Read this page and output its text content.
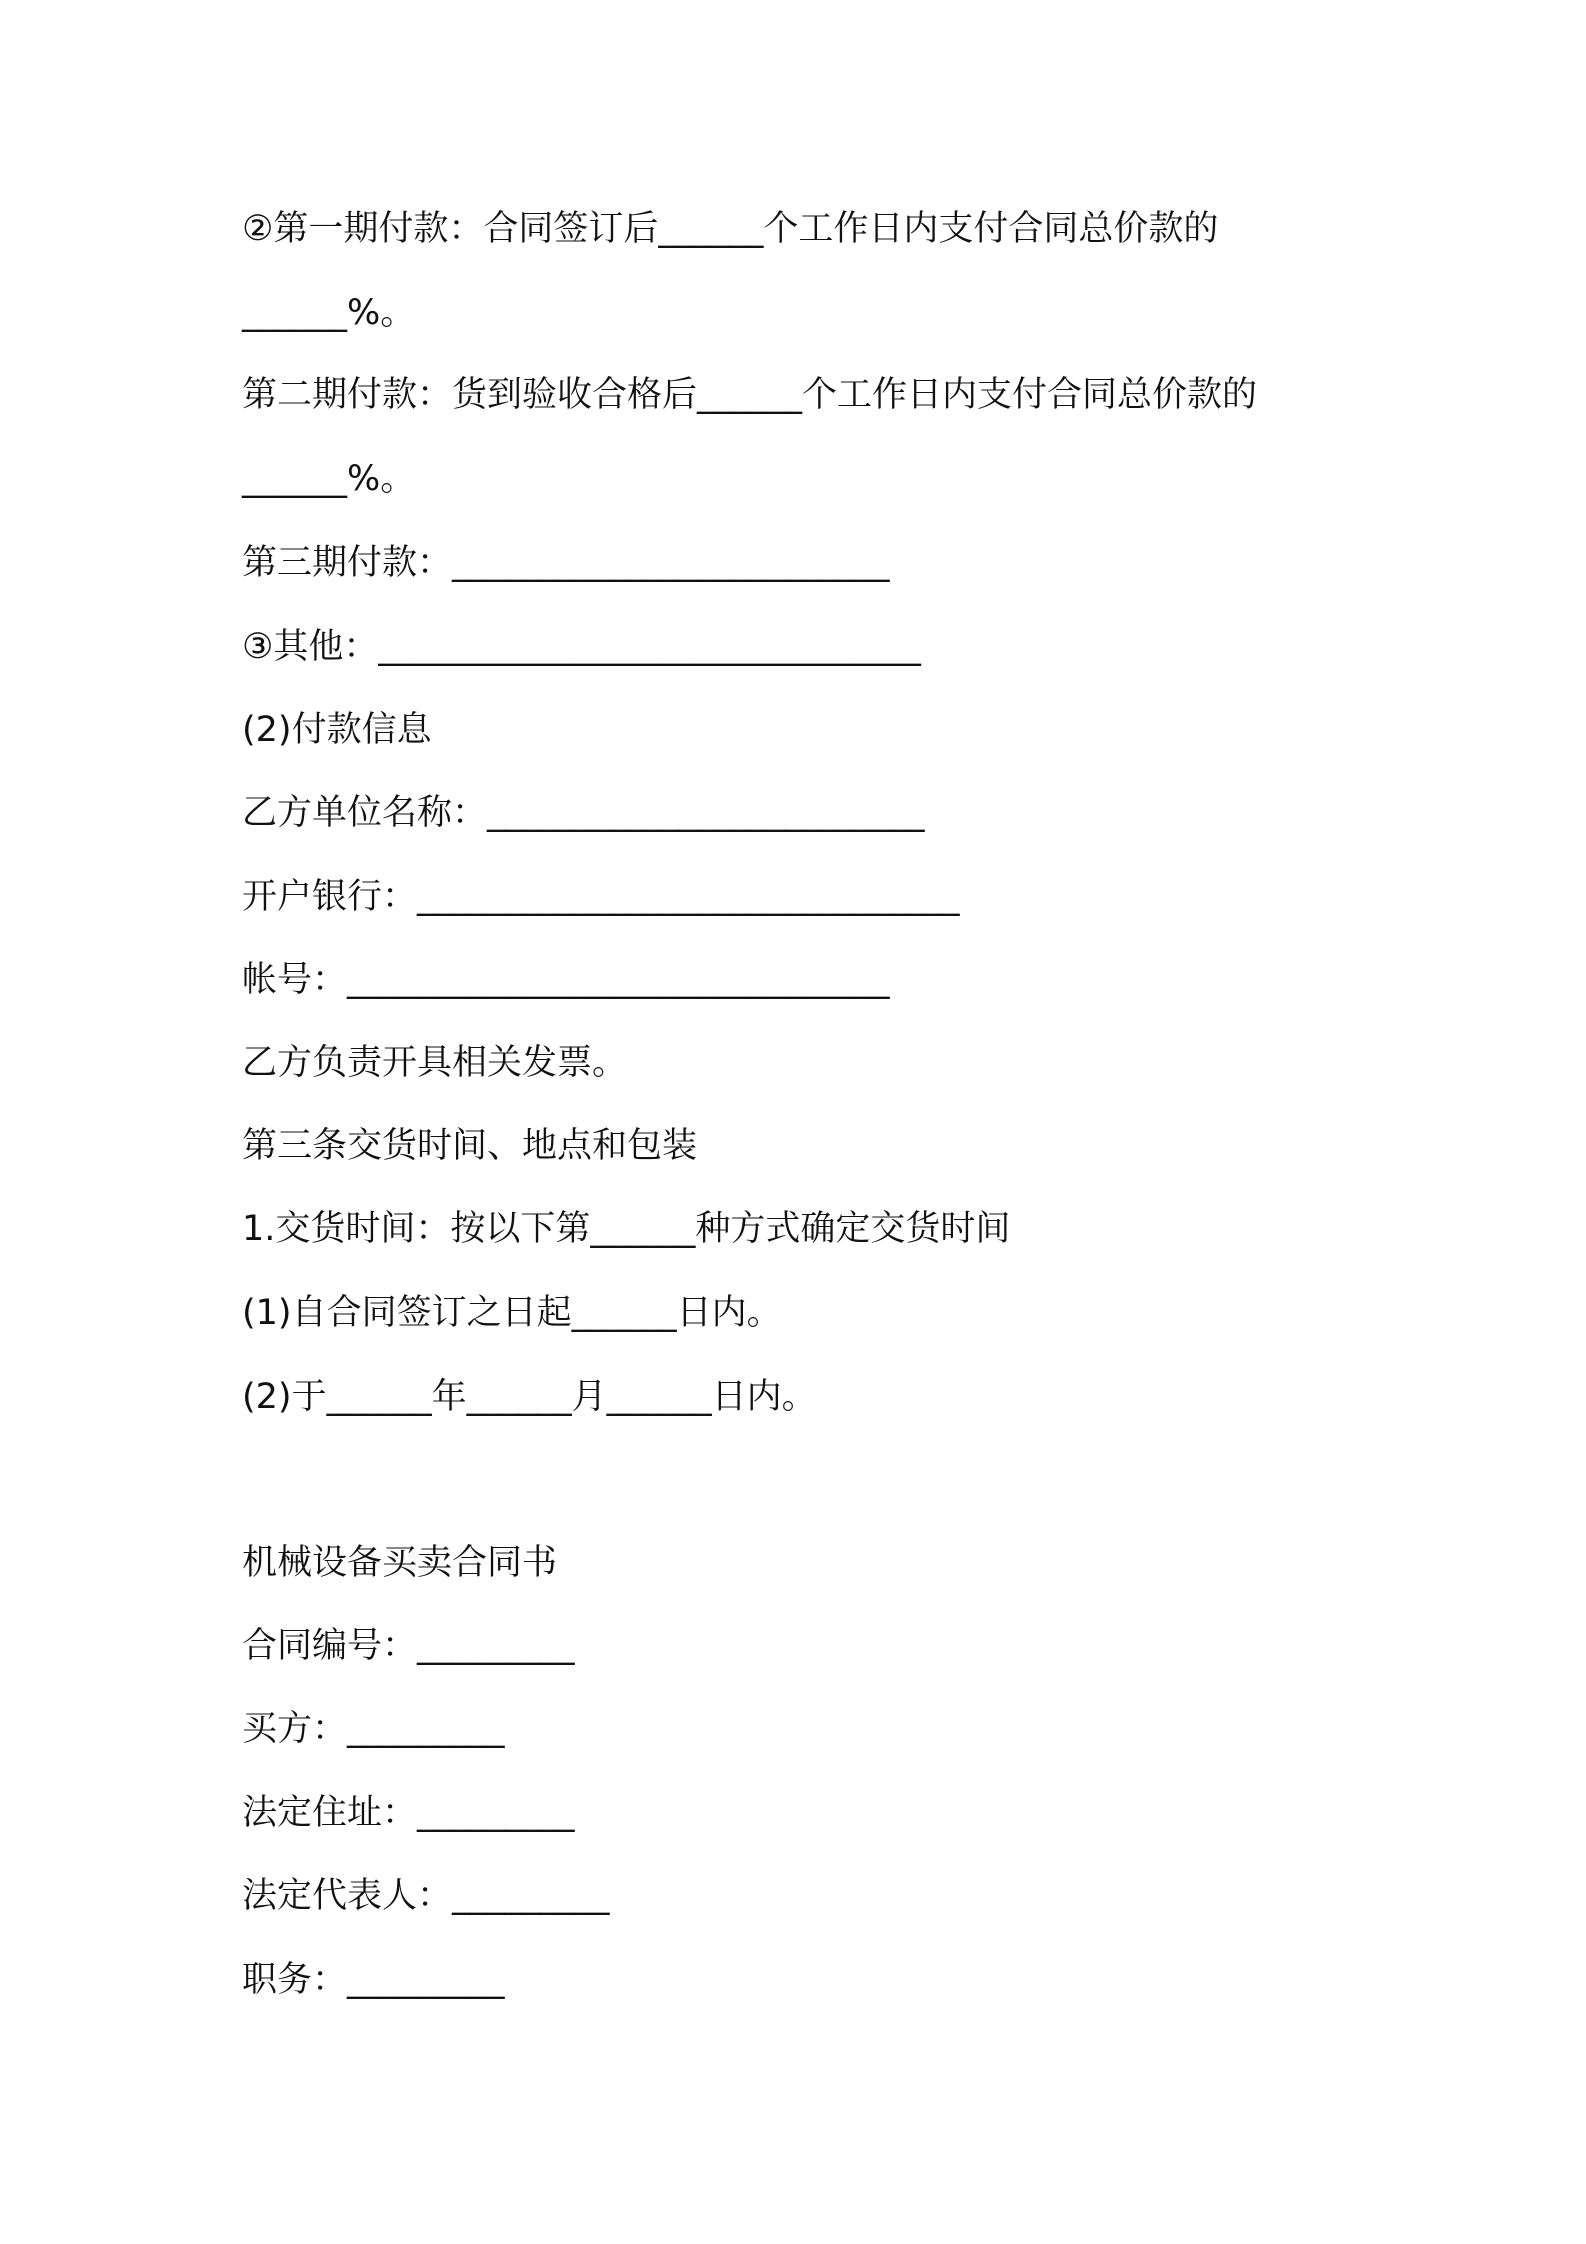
②第一期付款：合同签订后______个工作日内支付合同总价款的
______%。
第二期付款：货到验收合格后______个工作日内支付合同总价款的
______%。
第三期付款：_________________________
③其他：_______________________________
(2)付款信息
乙方单位名称：_________________________
开户银行：_______________________________
帐号：_______________________________
乙方负责开具相关发票。
第三条交货时间、地点和包装
1.交货时间：按以下第______种方式确定交货时间
(1)自合同签订之日起______日内。
(2)于______年______月______日内。
机械设备买卖合同书
合同编号：_________
买方：_________
法定住址：_________
法定代表人：_________
职务：_________
